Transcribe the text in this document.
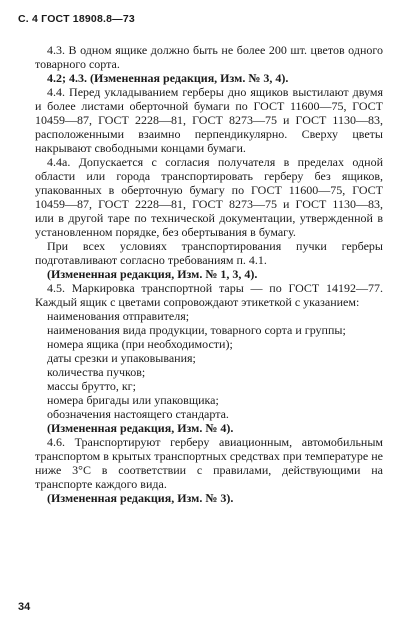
С. 4 ГОСТ 18908.8—73

4.3. В одном ящике должно быть не более 200 шт. цветов одного товарного сорта.

4.2; 4.3. (Измененная редакция, Изм. № 3, 4).

4.4. Перед укладыванием герберы дно ящиков выстилают двумя и более листами оберточной бумаги по ГОСТ 11600—75, ГОСТ 10459—87, ГОСТ 2228—81, ГОСТ 8273—75 и ГОСТ 1130—83, расположенными взаимно перпендикулярно. Сверху цветы накрывают свободными концами бумаги.

4.4а. Допускается с согласия получателя в пределах одной области или города транспортировать герберу без ящиков, упакованных в оберточную бумагу по ГОСТ 11600—75, ГОСТ 10459—87, ГОСТ 2228—81, ГОСТ 8273—75 и ГОСТ 1130—83, или в другой таре по технической документации, утвержденной в установленном порядке, без обертывания в бумагу.

При всех условиях транспортирования пучки герберы подготавливают согласно требованиям п. 4.1.

(Измененная редакция, Изм. № 1, 3, 4).

4.5. Маркировка транспортной тары — по ГОСТ 14192—77. Каждый ящик с цветами сопровождают этикеткой с указанием:

наименования отправителя;

наименования вида продукции, товарного сорта и группы;

номера ящика (при необходимости);

даты срезки и упаковывания;

количества пучков;

массы брутто, кг;

номера бригады или упаковщика;

обозначения настоящего стандарта.

(Измененная редакция, Изм. № 4).

4.6. Транспортируют герберу авиационным, автомобильным транспортом в крытых транспортных средствах при температуре не ниже 3°С в соответствии с правилами, действующими на транспорте каждого вида.

(Измененная редакция, Изм. № 3).

34
